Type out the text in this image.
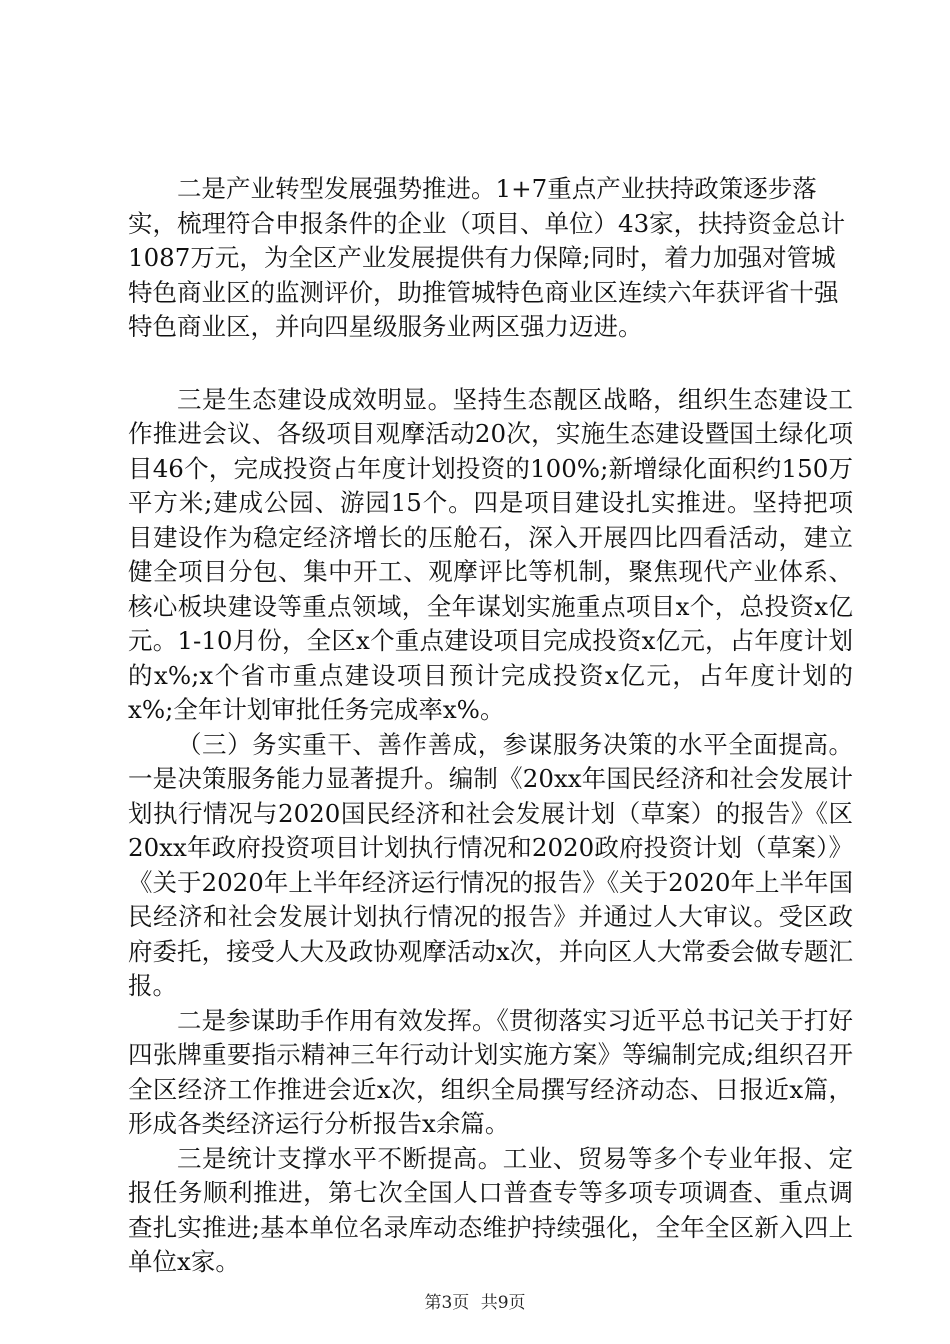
二是产业转型发展强势推进。1+7重点产业扶持政策逐步落实，梳理符合申报条件的企业（项目、单位）43家，扶持资金总计1087万元，为全区产业发展提供有力保障;同时，着力加强对管城特色商业区的监测评价，助推管城特色商业区连续六年获评省十强特色商业区，并向四星级服务业两区强力迈进。

三是生态建设成效明显。坚持生态靓区战略，组织生态建设工作推进会议、各级项目观摩活动20次，实施生态建设暨国土绿化项目46个，完成投资占年度计划投资的100%;新增绿化面积约150万平方米;建成公园、游园15个。四是项目建设扎实推进。坚持把项目建设作为稳定经济增长的压舱石，深入开展四比四看活动，建立健全项目分包、集中开工、观摩评比等机制，聚焦现代产业体系、核心板块建设等重点领域，全年谋划实施重点项目x个，总投资x亿元。1-10月份，全区x个重点建设项目完成投资x亿元，占年度计划的x%;x个省市重点建设项目预计完成投资x亿元，占年度计划的x%;全年计划审批任务完成率x%。

（三）务实重干、善作善成，参谋服务决策的水平全面提高。一是决策服务能力显著提升。编制《20xx年国民经济和社会发展计划执行情况与2020国民经济和社会发展计划（草案）的报告》《区20xx年政府投资项目计划执行情况和2020政府投资计划（草案）》《关于2020年上半年经济运行情况的报告》《关于2020年上半年国民经济和社会发展计划执行情况的报告》并通过人大审议。受区政府委托，接受人大及政协观摩活动x次，并向区人大常委会做专题汇报。

二是参谋助手作用有效发挥。《贯彻落实习近平总书记关于打好四张牌重要指示精神三年行动计划实施方案》等编制完成;组织召开全区经济工作推进会近x次，组织全局撰写经济动态、日报近x篇，形成各类经济运行分析报告x余篇。

三是统计支撑水平不断提高。工业、贸易等多个专业年报、定报任务顺利推进，第七次全国人口普查专等多项专项调查、重点调查扎实推进;基本单位名录库动态维护持续强化，全年全区新入四上单位x家。

第3页 共9页
